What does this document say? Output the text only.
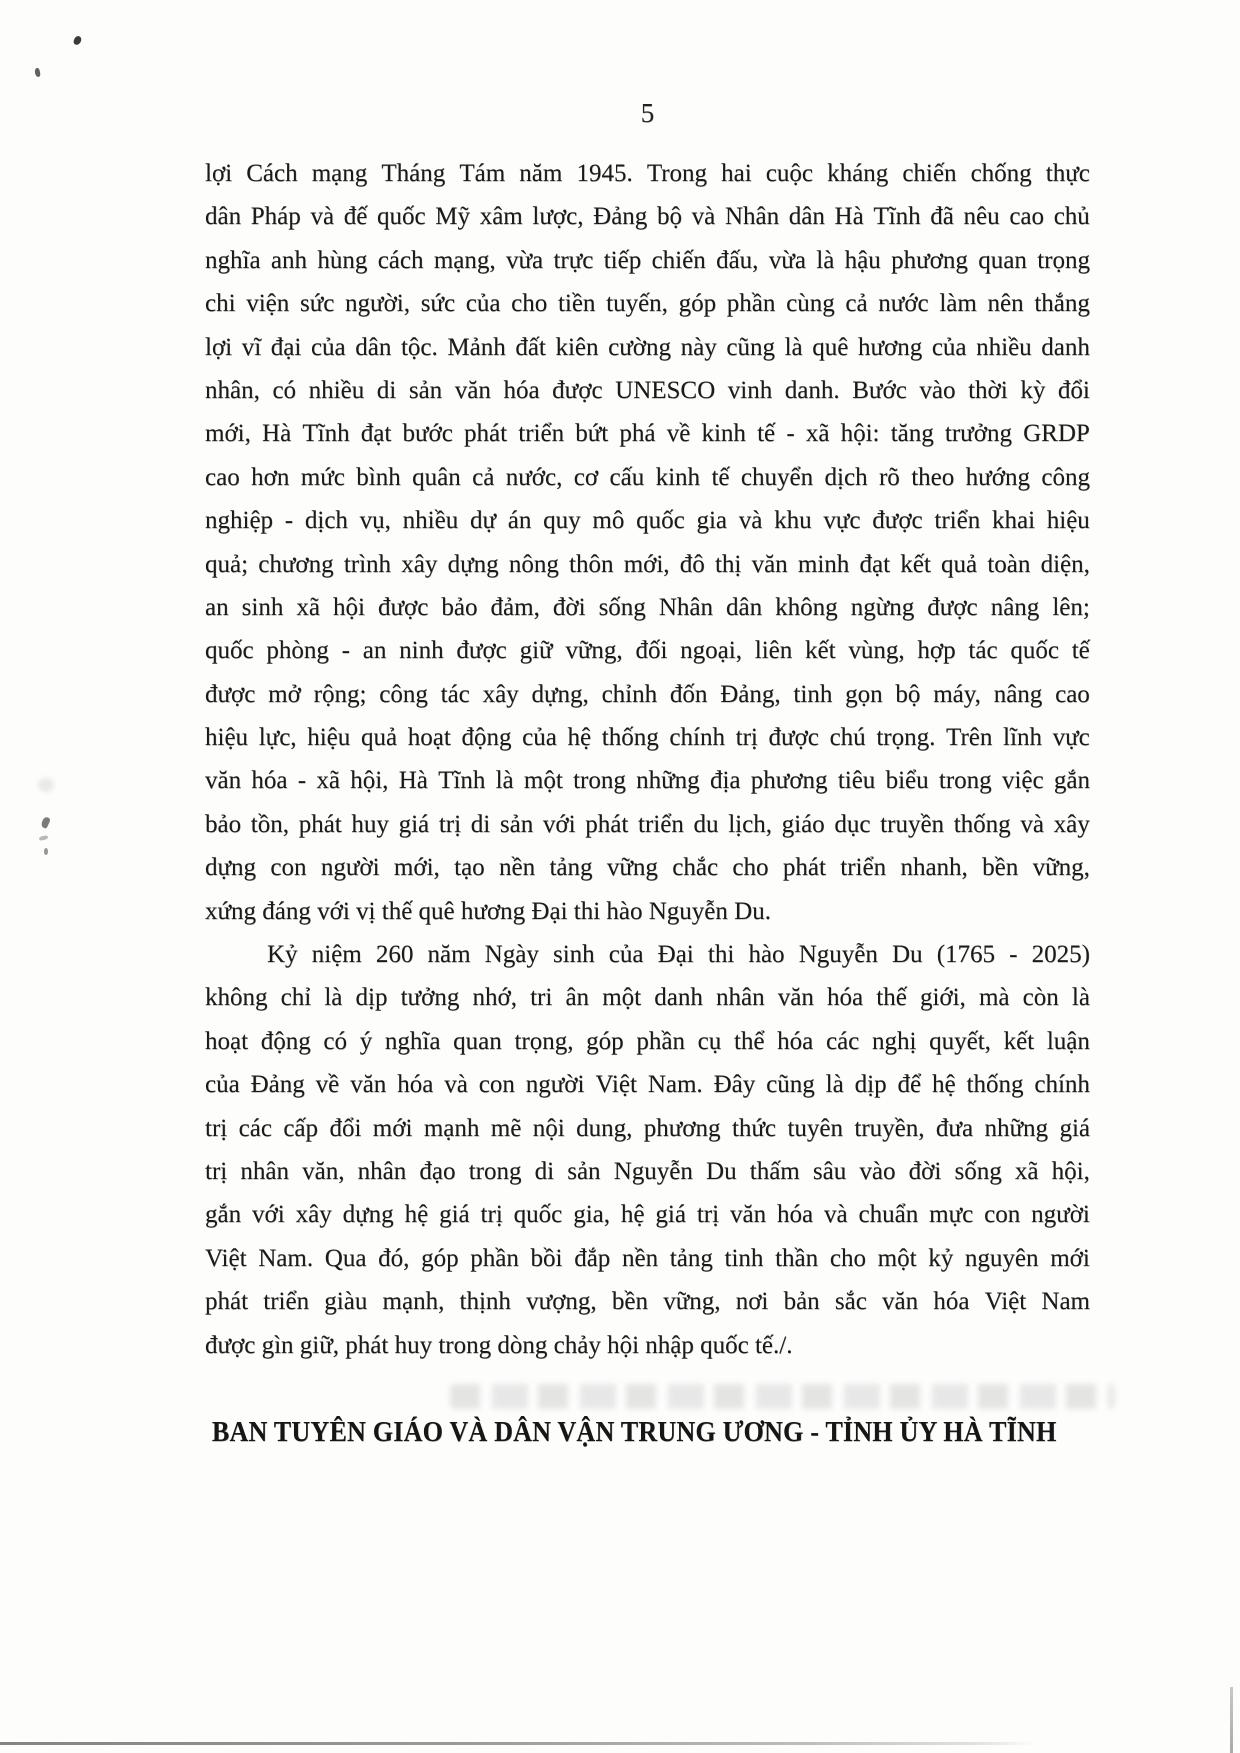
5
lợi Cách mạng Tháng Tám năm 1945. Trong hai cuộc kháng chiến chống thực
dân Pháp và đế quốc Mỹ xâm lược, Đảng bộ và Nhân dân Hà Tĩnh đã nêu cao chủ
nghĩa anh hùng cách mạng, vừa trực tiếp chiến đấu, vừa là hậu phương quan trọng
chi viện sức người, sức của cho tiền tuyến, góp phần cùng cả nước làm nên thắng
lợi vĩ đại của dân tộc. Mảnh đất kiên cường này cũng là quê hương của nhiều danh
nhân, có nhiều di sản văn hóa được UNESCO vinh danh. Bước vào thời kỳ đổi
mới, Hà Tĩnh đạt bước phát triển bứt phá về kinh tế - xã hội: tăng trưởng GRDP
cao hơn mức bình quân cả nước, cơ cấu kinh tế chuyển dịch rõ theo hướng công
nghiệp - dịch vụ, nhiều dự án quy mô quốc gia và khu vực được triển khai hiệu
quả; chương trình xây dựng nông thôn mới, đô thị văn minh đạt kết quả toàn diện,
an sinh xã hội được bảo đảm, đời sống Nhân dân không ngừng được nâng lên;
quốc phòng - an ninh được giữ vững, đối ngoại, liên kết vùng, hợp tác quốc tế
được mở rộng; công tác xây dựng, chỉnh đốn Đảng, tinh gọn bộ máy, nâng cao
hiệu lực, hiệu quả hoạt động của hệ thống chính trị được chú trọng. Trên lĩnh vực
văn hóa - xã hội, Hà Tĩnh là một trong những địa phương tiêu biểu trong việc gắn
bảo tồn, phát huy giá trị di sản với phát triển du lịch, giáo dục truyền thống và xây
dựng con người mới, tạo nền tảng vững chắc cho phát triển nhanh, bền vững,
xứng đáng với vị thế quê hương Đại thi hào Nguyễn Du.
Kỷ niệm 260 năm Ngày sinh của Đại thi hào Nguyễn Du (1765 - 2025)
không chỉ là dịp tưởng nhớ, tri ân một danh nhân văn hóa thế giới, mà còn là
hoạt động có ý nghĩa quan trọng, góp phần cụ thể hóa các nghị quyết, kết luận
của Đảng về văn hóa và con người Việt Nam. Đây cũng là dịp để hệ thống chính
trị các cấp đổi mới mạnh mẽ nội dung, phương thức tuyên truyền, đưa những giá
trị nhân văn, nhân đạo trong di sản Nguyễn Du thấm sâu vào đời sống xã hội,
gắn với xây dựng hệ giá trị quốc gia, hệ giá trị văn hóa và chuẩn mực con người
Việt Nam. Qua đó, góp phần bồi đắp nền tảng tinh thần cho một kỷ nguyên mới
phát triển giàu mạnh, thịnh vượng, bền vững, nơi bản sắc văn hóa Việt Nam
được gìn giữ, phát huy trong dòng chảy hội nhập quốc tế./.
BAN TUYÊN GIÁO VÀ DÂN VẬN TRUNG ƯƠNG - TỈNH ỦY HÀ TĨNH
